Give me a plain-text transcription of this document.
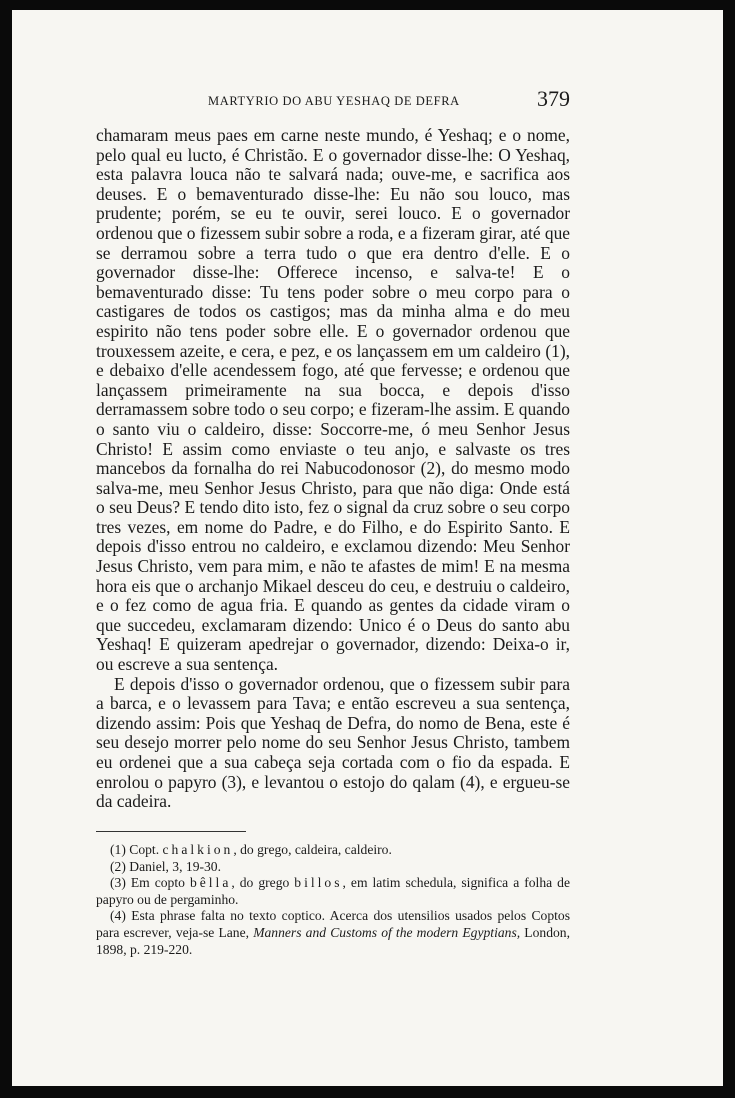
MARTYRIO DO ABU YESHAQ DE DEFRA	379

chamaram meus paes em carne neste mundo, é Yeshaq; e o nome, pelo qual eu lucto, é Christão. E o governador disse-lhe: O Yeshaq, esta palavra louca não te salvará nada; ouve-me, e sacrifica aos deuses. E o bemaventurado disse-lhe: Eu não sou louco, mas prudente; porém, se eu te ouvir, serei louco. E o governador ordenou que o fizessem subir sobre a roda, e a fizeram girar, até que se derramou sobre a terra tudo o que era dentro d'elle. E o governador disse-lhe: Offerece incenso, e salva-te! E o bemaventurado disse: Tu tens poder sobre o meu corpo para o castigares de todos os castigos; mas da minha alma e do meu espirito não tens poder sobre elle. E o governador ordenou que trouxessem azeite, e cera, e pez, e os lançassem em um caldeiro (1), e debaixo d'elle acendessem fogo, até que fervesse; e ordenou que lançassem primeiramente na sua bocca, e depois d'isso derramassem sobre todo o seu corpo; e fizeram-lhe assim. E quando o santo viu o caldeiro, disse: Soccorre-me, ó meu Senhor Jesus Christo! E assim como enviaste o teu anjo, e salvaste os tres mancebos da fornalha do rei Nabucodonosor (2), do mesmo modo salva-me, meu Senhor Jesus Christo, para que não diga: Onde está o seu Deus? E tendo dito isto, fez o signal da cruz sobre o seu corpo tres vezes, em nome do Padre, e do Filho, e do Espirito Santo. E depois d'isso entrou no caldeiro, e exclamou dizendo: Meu Senhor Jesus Christo, vem para mim, e não te afastes de mim! E na mesma hora eis que o archanjo Mikael desceu do ceu, e destruiu o caldeiro, e o fez como de agua fria. E quando as gentes da cidade viram o que succedeu, exclamaram dizendo: Unico é o Deus do santo abu Yeshaq! E quizeram apedrejar o governador, dizendo: Deixa-o ir, ou escreve a sua sentença.

E depois d'isso o governador ordenou, que o fizessem subir para a barca, e o levassem para Tava; e então escreveu a sua sentença, dizendo assim: Pois que Yeshaq de Defra, do nomo de Bena, este é seu desejo morrer pelo nome do seu Senhor Jesus Christo, tambem eu ordenei que a sua cabeça seja cortada com o fio da espada. E enrolou o papyro (3), e levantou o estojo do qalam (4), e ergueu-se da cadeira.

(1) Copt. chalkion, do grego, caldeira, caldeiro.

(2) Daniel, 3, 19-30.

(3) Em copto bêlla, do grego billos, em latim schedula, significa a folha de papyro ou de pergaminho.

(4) Esta phrase falta no texto coptico. Acerca dos utensilios usados pelos Coptos para escrever, veja-se Lane, Manners and Customs of the modern Egyptians, London, 1898, p. 219-220.
